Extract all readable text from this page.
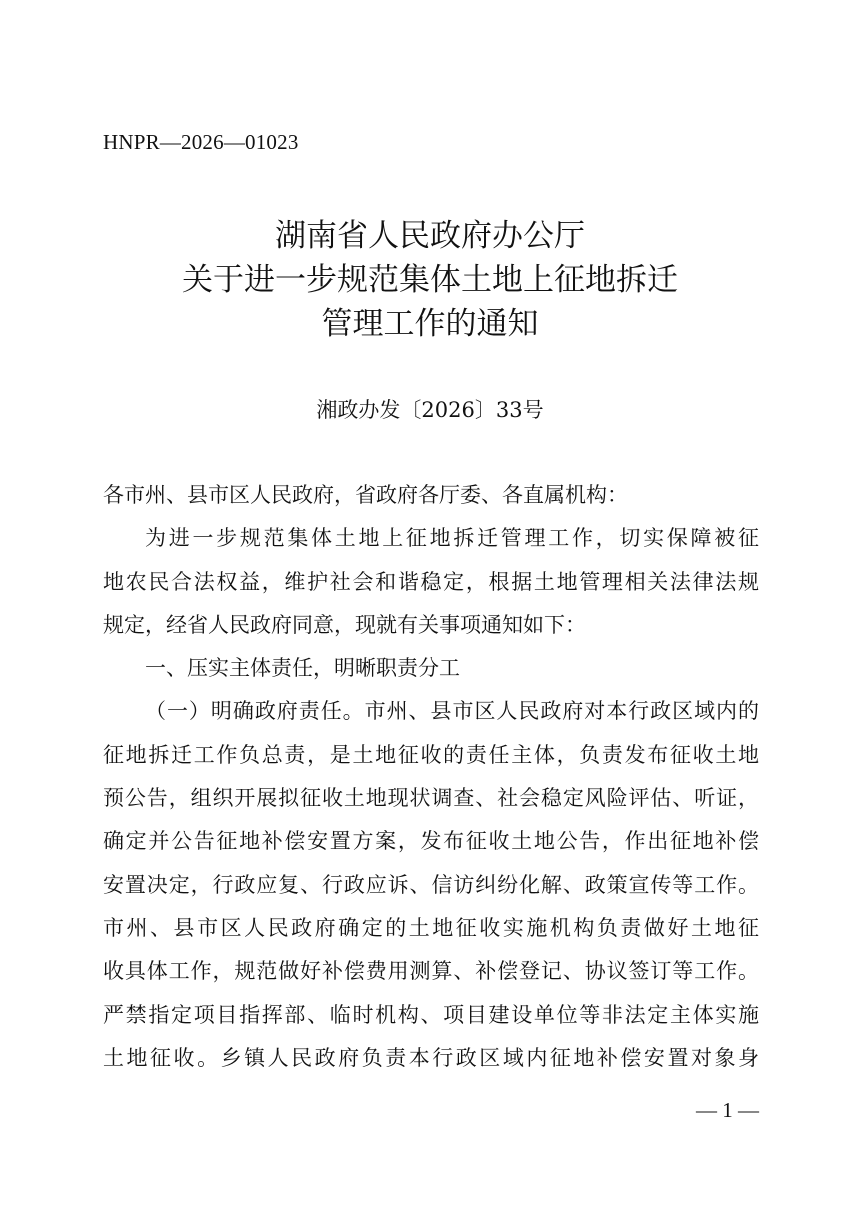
HNPR—2026—01023
湖南省人民政府办公厅
关于进一步规范集体土地上征地拆迁
管理工作的通知
湘政办发〔2026〕33号
各市州、县市区人民政府，省政府各厅委、各直属机构：
为进一步规范集体土地上征地拆迁管理工作，切实保障被征
地农民合法权益，维护社会和谐稳定，根据土地管理相关法律法规
规定，经省人民政府同意，现就有关事项通知如下：
一、压实主体责任，明晰职责分工
（一）明确政府责任。市州、县市区人民政府对本行政区域内的
征地拆迁工作负总责，是土地征收的责任主体，负责发布征收土地
预公告，组织开展拟征收土地现状调查、社会稳定风险评估、听证，
确定并公告征地补偿安置方案，发布征收土地公告，作出征地补偿
安置决定，行政应复、行政应诉、信访纠纷化解、政策宣传等工作。
市州、县市区人民政府确定的土地征收实施机构负责做好土地征
收具体工作，规范做好补偿费用测算、补偿登记、协议签订等工作。
严禁指定项目指挥部、临时机构、项目建设单位等非法定主体实施
土地征收。乡镇人民政府负责本行政区域内征地补偿安置对象身
— 1 —
